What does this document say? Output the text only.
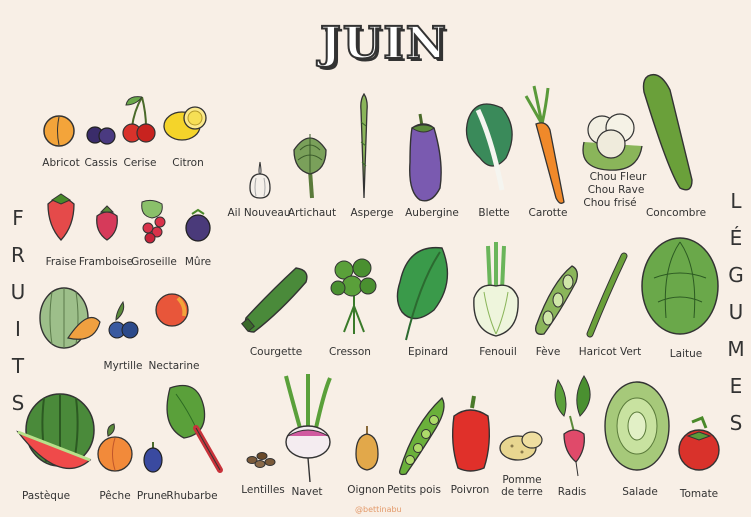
JUIN
F
R
U
I
T
S
L
É
G
U
M
E
S
Abricot Cassis Cerise Citron
Fraise Framboise
Groseille Mûre
Myrtille Nectarine
Pastèque	Pêche Prune Rhubarbe
Ail Nouveau
Artichaut Asperge Aubergine Blette Carotte
Chou Fleur
Chou Rave
Chou frisé
Concombre
Courgette	Cresson	Epinard	Fenouil Fève Haricot Vert	Laitue
Lentilles Navet Oignon Petits pois Poivron
Pomme
de terre Radis	Salade Tomate
@bettinabu
